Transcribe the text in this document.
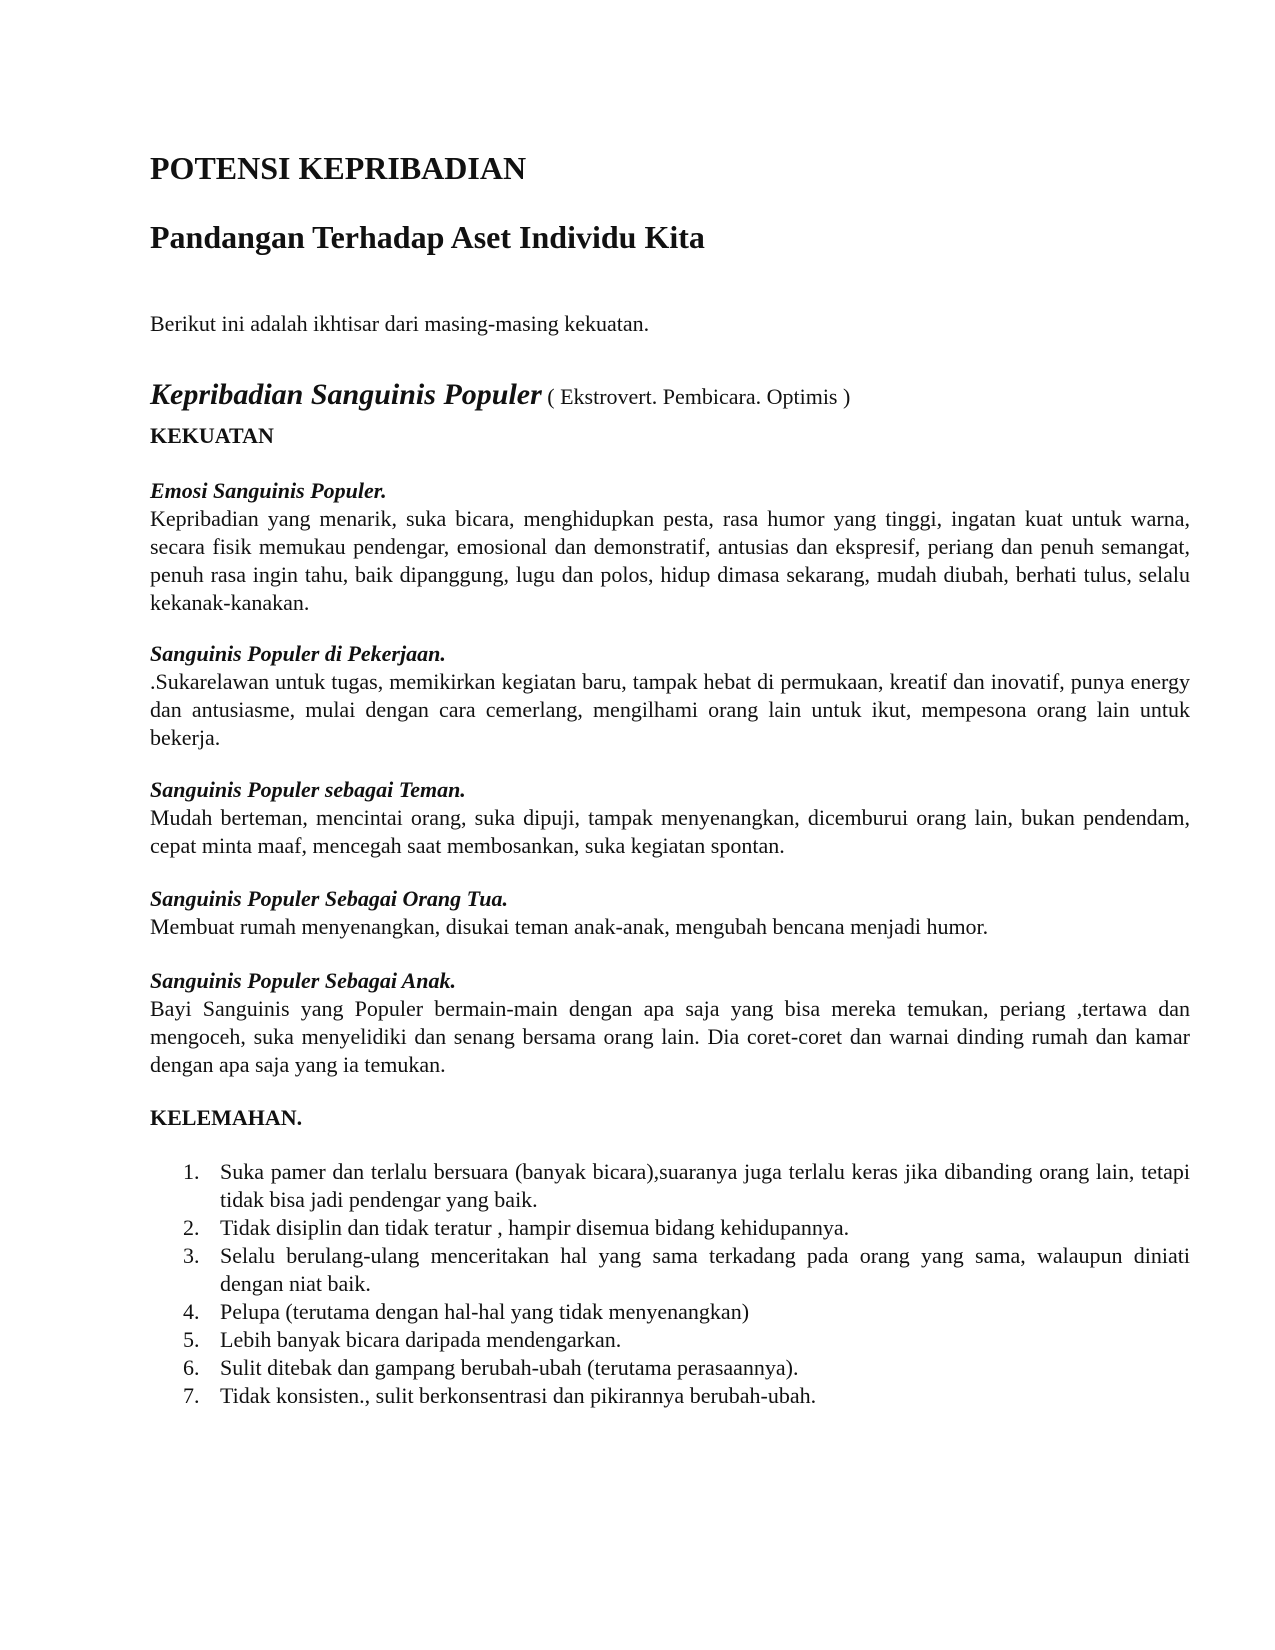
POTENSI KEPRIBADIAN
Pandangan Terhadap Aset Individu Kita

Berikut ini adalah ikhtisar dari masing-masing kekuatan.

Kepribadian Sanguinis Populer ( Ekstrovert. Pembicara. Optimis )

KEKUATAN

Emosi Sanguinis Populer.

Kepribadian yang menarik, suka bicara, menghidupkan pesta, rasa humor yang tinggi, ingatan kuat untuk warna, secara fisik memukau pendengar, emosional dan demonstratif, antusias dan ekspresif, periang dan penuh semangat, penuh rasa ingin tahu, baik dipanggung, lugu dan polos, hidup dimasa sekarang, mudah diubah, berhati tulus, selalu kekanak-kanakan.

Sanguinis Populer di Pekerjaan.

.Sukarelawan untuk tugas, memikirkan kegiatan baru, tampak hebat di permukaan, kreatif dan inovatif, punya energy dan antusiasme, mulai dengan cara cemerlang, mengilhami orang lain untuk ikut, mempesona orang lain untuk bekerja.

Sanguinis Populer sebagai Teman.

Mudah berteman, mencintai orang, suka dipuji, tampak menyenangkan, dicemburui orang lain, bukan pendendam, cepat minta maaf, mencegah saat membosankan, suka kegiatan spontan.

Sanguinis Populer Sebagai Orang Tua.

Membuat rumah menyenangkan, disukai teman anak-anak, mengubah bencana menjadi humor.

Sanguinis Populer Sebagai Anak.

Bayi Sanguinis yang Populer bermain-main dengan apa saja yang bisa mereka temukan, periang ,tertawa dan mengoceh, suka menyelidiki dan senang bersama orang lain. Dia coret-coret dan warnai dinding rumah dan kamar dengan apa saja yang ia temukan.

KELEMAHAN.

1. Suka pamer dan terlalu bersuara (banyak bicara),suaranya juga terlalu keras jika dibanding orang lain, tetapi tidak bisa jadi pendengar yang baik.
2. Tidak disiplin dan tidak teratur , hampir disemua bidang kehidupannya.
3. Selalu berulang-ulang menceritakan hal yang sama terkadang pada orang yang sama, walaupun diniati dengan niat baik.
4. Pelupa (terutama dengan hal-hal yang tidak menyenangkan)
5. Lebih banyak bicara daripada mendengarkan.
6. Sulit ditebak dan gampang berubah-ubah (terutama perasaannya).
7. Tidak konsisten., sulit berkonsentrasi dan pikirannya berubah-ubah.
